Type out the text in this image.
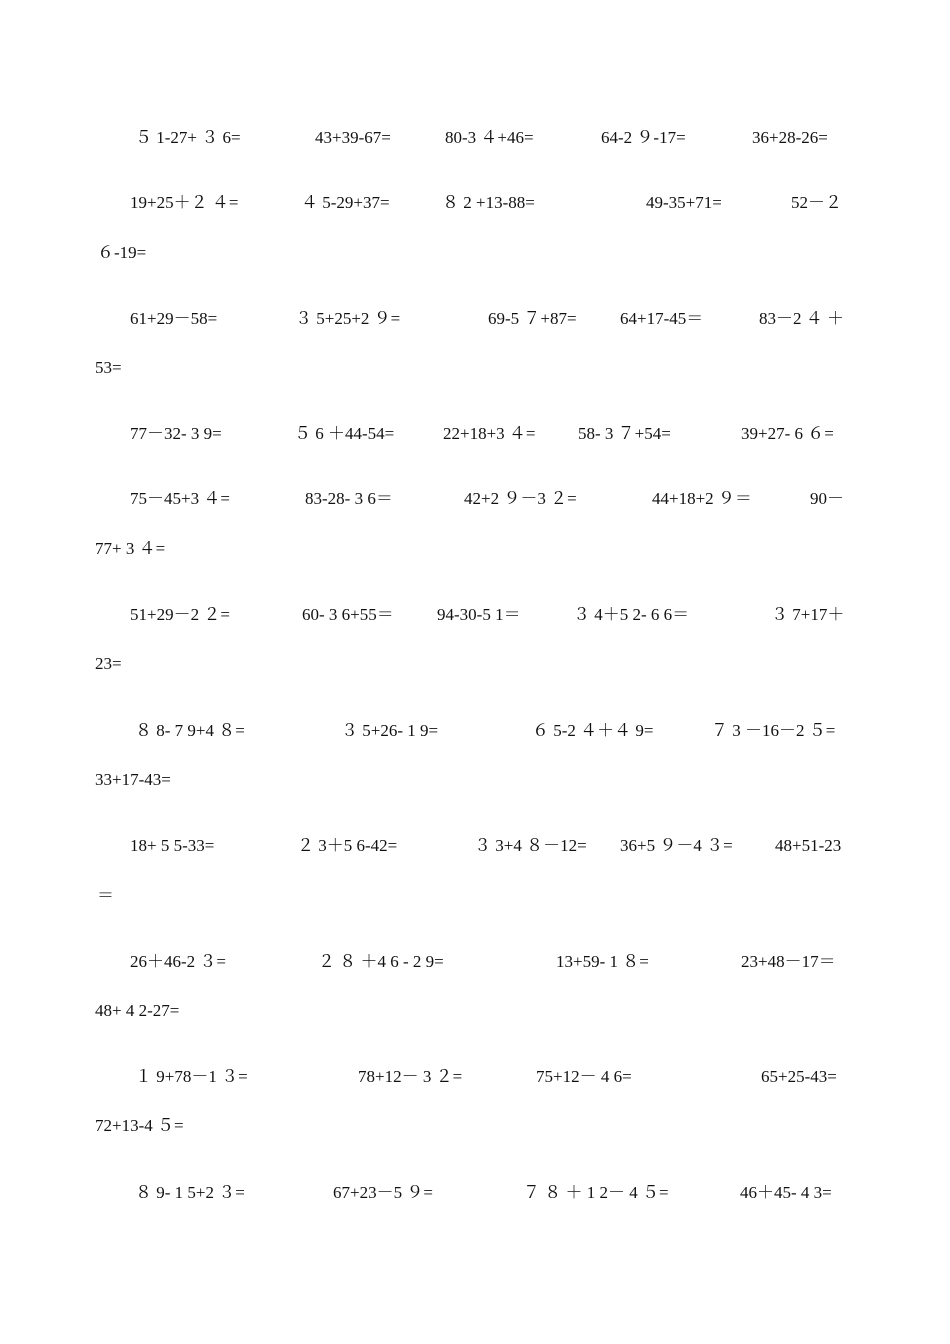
５ 1-27+ ３ 6=	43+39-67=	80-3 ４+46=	64-2 ９-17=	36+28-26=
19+25＋２ ４=	４ 5-29+37=	８ 2 +13-88=	49-35+71=	52－２
６-19=
61+29－58=	３ 5+25+2 ９=	69-5 ７+87=	64+17-45＝	83－2 ４ ＋
53=
77－32- 3 9=	５ 6 ＋44-54=	22+18+3 ４= 58- 3 ７+54=	39+27- 6 ６=
75－45+3 ４=	83-28- 3 6＝	42+2 ９－3 ２=	44+18+2 ９＝	90－
77+ 3 ４=
51+29－2 ２=	60- 3 6+55＝	94-30-5 1＝	３ 4＋5 2- 6 6＝	３ 7+17＋
23=
８ 8- 7 9+4 ８=	３ 5+26- 1 9=	６ 5-2 ４＋４ 9=	７ 3 －16－2 ５=
33+17-43=
18+ 5 5-33=	２ 3＋5 6-42=	３ 3+4 ８－12= 36+5 ９－4 ３= 48+51-23
＝
26＋46-2 ３=	２ ８ ＋4 6 - 2 9=	13+59- 1 ８=	23+48－17＝
48+ 4 2-27=
１ 9+78－1 ３=	78+12－ 3 ２=	75+12－ 4 6=	65+25-43=
72+13-4 ５=
８ 9- 1 5+2 ３=	67+23－5 ９=	７ ８ ＋ 1 2－ 4 ５=	46＋45- 4 3=
